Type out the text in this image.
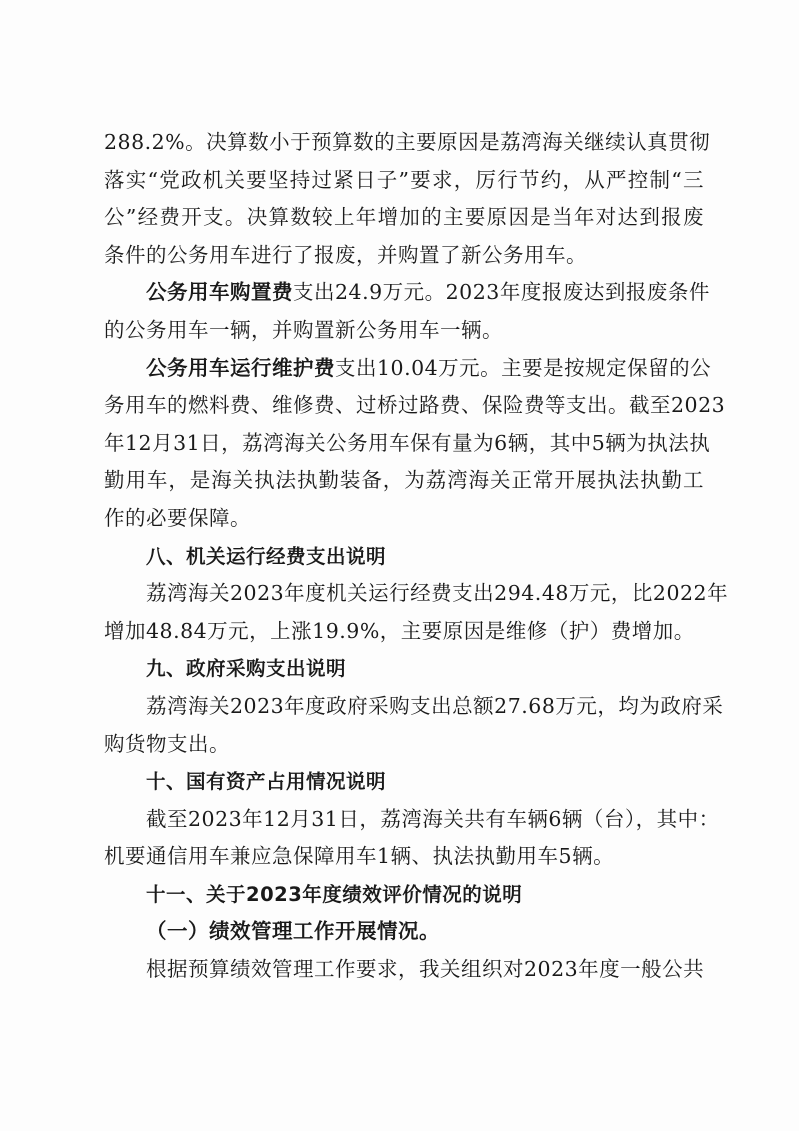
288.2%。决算数小于预算数的主要原因是荔湾海关继续认真贯彻
落实“党政机关要坚持过紧日子”要求，厉行节约，从严控制“三
公”经费开支。决算数较上年增加的主要原因是当年对达到报废
条件的公务用车进行了报废，并购置了新公务用车。
公务用车购置费支出24.9万元。2023年度报废达到报废条件
的公务用车一辆，并购置新公务用车一辆。
公务用车运行维护费支出10.04万元。主要是按规定保留的公
务用车的燃料费、维修费、过桥过路费、保险费等支出。截至2023
年12月31日，荔湾海关公务用车保有量为6辆，其中5辆为执法执
勤用车，是海关执法执勤装备，为荔湾海关正常开展执法执勤工
作的必要保障。
八、机关运行经费支出说明
荔湾海关2023年度机关运行经费支出294.48万元，比2022年
增加48.84万元，上涨19.9%，主要原因是维修（护）费增加。
九、政府采购支出说明
荔湾海关2023年度政府采购支出总额27.68万元，均为政府采
购货物支出。
十、国有资产占用情况说明
截至2023年12月31日，荔湾海关共有车辆6辆（台），其中：
机要通信用车兼应急保障用车1辆、执法执勤用车5辆。
十一、关于2023年度绩效评价情况的说明
（一）绩效管理工作开展情况。
根据预算绩效管理工作要求，我关组织对2023年度一般公共
